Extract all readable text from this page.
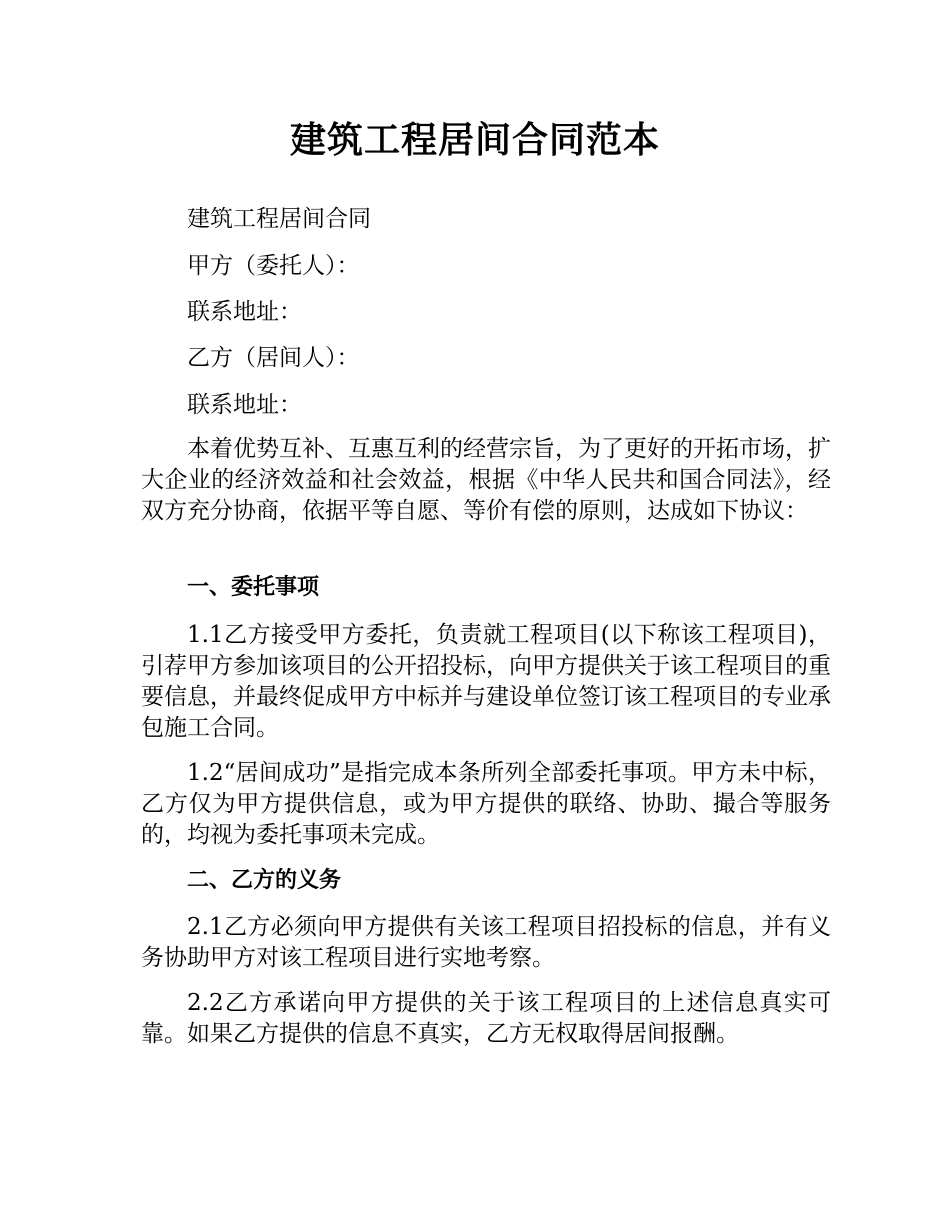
建筑工程居间合同范本
建筑工程居间合同
甲方（委托人）：
联系地址：
乙方（居间人）：
联系地址：
本着优势互补、互惠互利的经营宗旨，为了更好的开拓市场，扩大企业的经济效益和社会效益，根据《中华人民共和国合同法》，经双方充分协商，依据平等自愿、等价有偿的原则，达成如下协议：
一、委托事项
1.1乙方接受甲方委托，负责就工程项目(以下称该工程项目)，引荐甲方参加该项目的公开招投标，向甲方提供关于该工程项目的重要信息，并最终促成甲方中标并与建设单位签订该工程项目的专业承包施工合同。
1.2“居间成功”是指完成本条所列全部委托事项。甲方未中标，乙方仅为甲方提供信息，或为甲方提供的联络、协助、撮合等服务的，均视为委托事项未完成。
二、乙方的义务
2.1乙方必须向甲方提供有关该工程项目招投标的信息，并有义务协助甲方对该工程项目进行实地考察。
2.2乙方承诺向甲方提供的关于该工程项目的上述信息真实可靠。如果乙方提供的信息不真实，乙方无权取得居间报酬。
